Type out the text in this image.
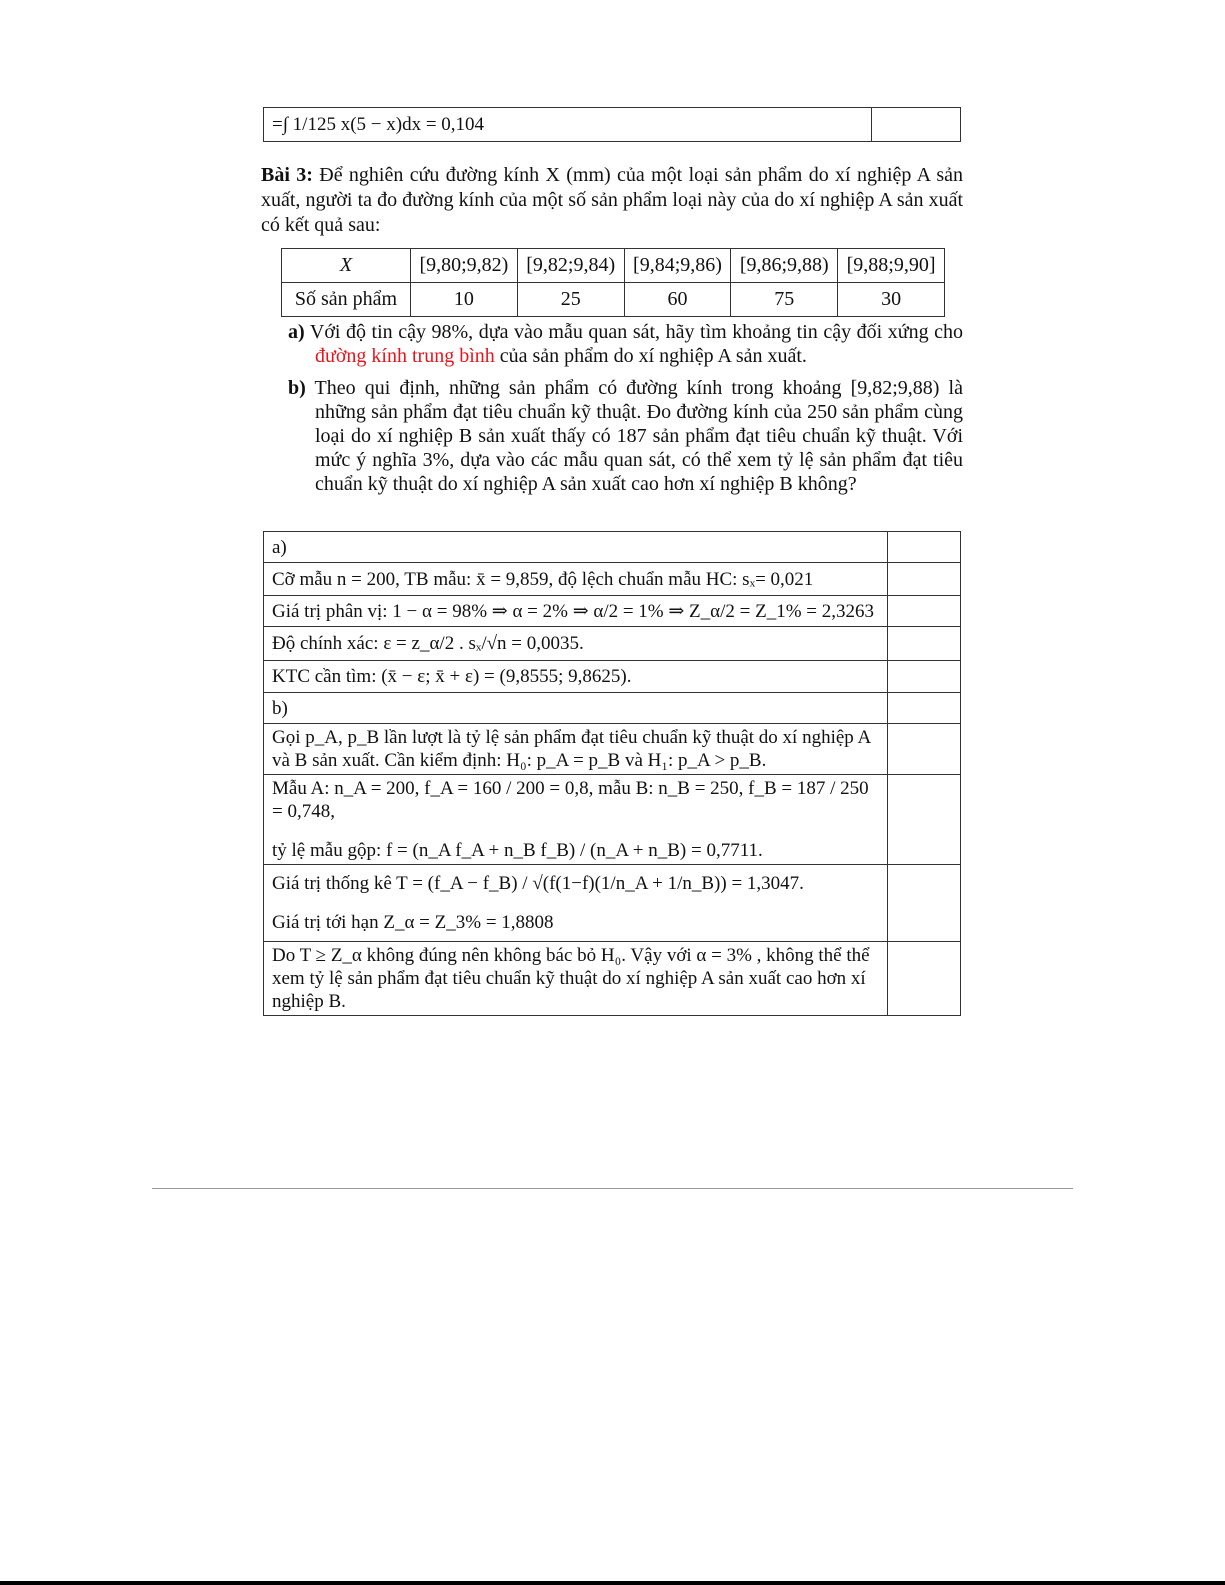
=∫ 1/125 x(5 − x)dx = 0,104	
Bài 3: Để nghiên cứu đường kính X (mm) của một loại sản phẩm do xí nghiệp A sản xuất, người ta đo đường kính của một số sản phẩm loại này của do xí nghiệp A sản xuất có kết quả sau:
X	[9,80;9,82)	[9,82;9,84)	[9,84;9,86)	[9,86;9,88)	[9,88;9,90]
Số sản phẩm	10	25	60	75	30
a) Với độ tin cậy 98%, dựa vào mẫu quan sát, hãy tìm khoảng tin cậy đối xứng cho đường kính trung bình của sản phẩm do xí nghiệp A sản xuất.
b) Theo qui định, những sản phẩm có đường kính trong khoảng [9,82;9,88) là những sản phẩm đạt tiêu chuẩn kỹ thuật. Đo đường kính của 250 sản phẩm cùng loại do xí nghiệp B sản xuất thấy có 187 sản phẩm đạt tiêu chuẩn kỹ thuật. Với mức ý nghĩa 3%, dựa vào các mẫu quan sát, có thể xem tỷ lệ sản phẩm đạt tiêu chuẩn kỹ thuật do xí nghiệp A sản xuất cao hơn xí nghiệp B không?
a)	
Cỡ mẫu n = 200, TB mẫu: x̄ = 9,859, độ lệch chuẩn mẫu HC: sₓ= 0,021	
Giá trị phân vị: 1 − α = 98% ⇒ α = 2% ⇒ α/2 = 1% ⇒ Z_α/2 = Z_1% = 2,3263	
Độ chính xác: ε = z_α/2 . sₓ/√n = 0,0035.	
KTC cần tìm: (x̄ − ε; x̄ + ε) = (9,8555; 9,8625).	
b)	
Gọi p_A, p_B lần lượt là tỷ lệ sản phẩm đạt tiêu chuẩn kỹ thuật do xí nghiệp A và B sản xuất. Cần kiểm định: H₀: p_A = p_B và H₁: p_A > p_B.	

Mẫu A: n_A = 200, f_A = 160 / 200 = 0,8, mẫu B: n_B = 250, f_B = 187 / 250 = 0,748,
tỷ lệ mẫu gộp: f = (n_A f_A + n_B f_B) / (n_A + n_B) = 0,7711.	

Giá trị thống kê T = (f_A − f_B) / √(f(1−f)(1/n_A + 1/n_B)) = 1,3047.
Giá trị tới hạn Z_α = Z_3% = 1,8808	

Do T ≥ Z_α không đúng nên không bác bỏ H₀. Vậy với α = 3% , không thể thể xem tỷ lệ sản phẩm đạt tiêu chuẩn kỹ thuật do xí nghiệp A sản xuất cao hơn xí nghiệp B.	
